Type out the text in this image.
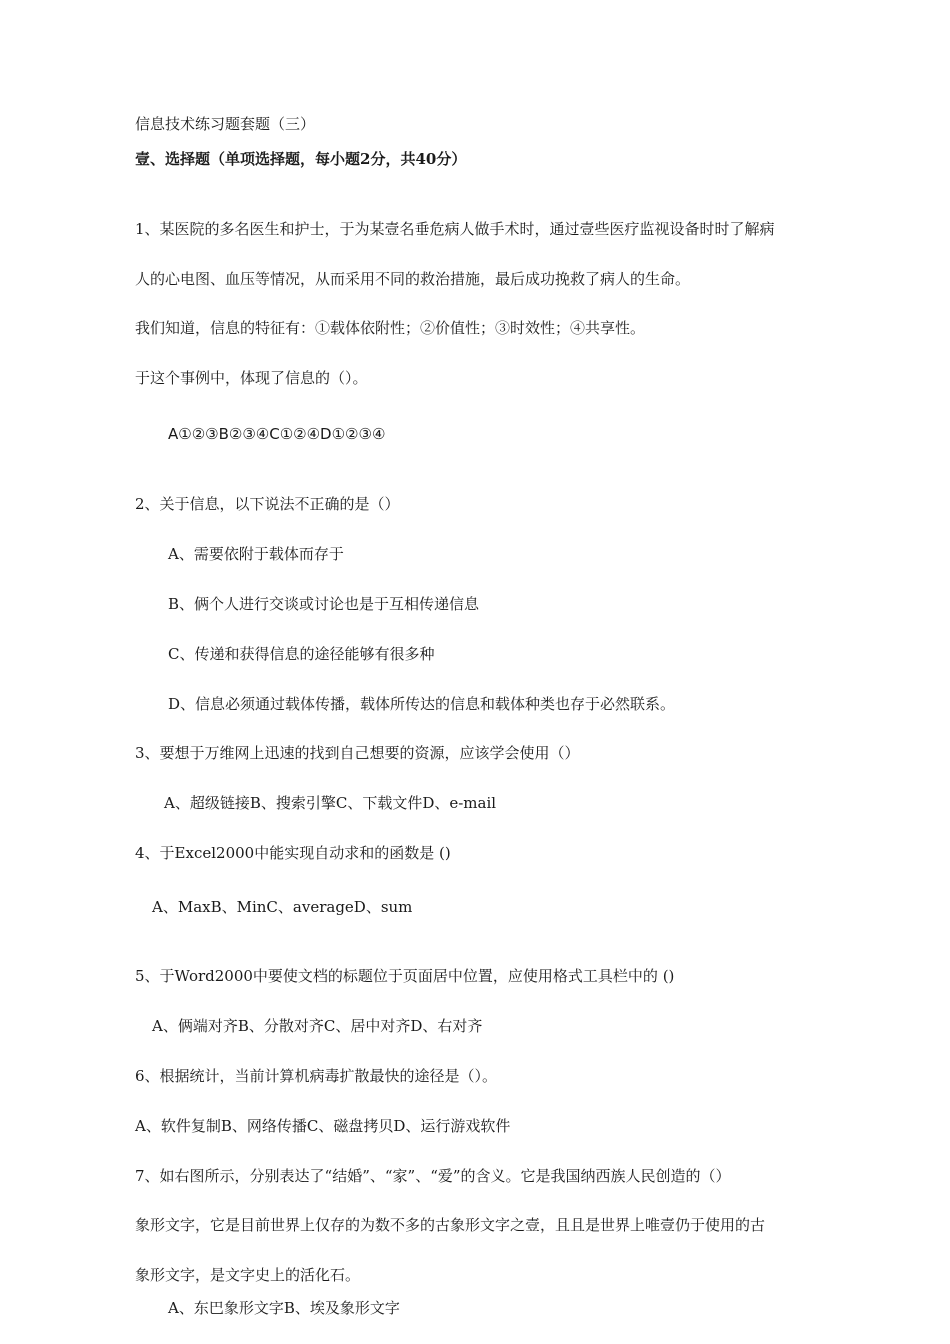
信息技术练习题套题（三）

壹、选择题（单项选择题，每小题2分，共40分）

1、某医院的多名医生和护士，于为某壹名垂危病人做手术时，通过壹些医疗监视设备时时了解病

人的心电图、血压等情况，从而采用不同的救治措施，最后成功挽救了病人的生命。

我们知道，信息的特征有：①载体依附性；②价值性；③时效性；④共享性。

于这个事例中，体现了信息的（）。

A①②③B②③④C①②④D①②③④

2、关于信息，以下说法不正确的是（）

A、需要依附于载体而存于

B、俩个人进行交谈或讨论也是于互相传递信息

C、传递和获得信息的途径能够有很多种

D、信息必须通过载体传播，载体所传达的信息和载体种类也存于必然联系。

3、要想于万维网上迅速的找到自己想要的资源，应该学会使用（）

A、超级链接B、搜索引擎C、下载文件D、e-mail

4、于Excel2000中能实现自动求和的函数是 ()

A、MaxB、MinC、averageD、sum

5、于Word2000中要使文档的标题位于页面居中位置，应使用格式工具栏中的 ()

A、俩端对齐B、分散对齐C、居中对齐D、右对齐

6、根据统计，当前计算机病毒扩散最快的途径是（）。

A、软件复制B、网络传播C、磁盘拷贝D、运行游戏软件

7、如右图所示，分别表达了“结婚”、“家”、“爱”的含义。它是我国纳西族人民创造的（）

象形文字，它是目前世界上仅存的为数不多的古象形文字之壹，且且是世界上唯壹仍于使用的古

象形文字，是文字史上的活化石。

A、东巴象形文字B、埃及象形文字
